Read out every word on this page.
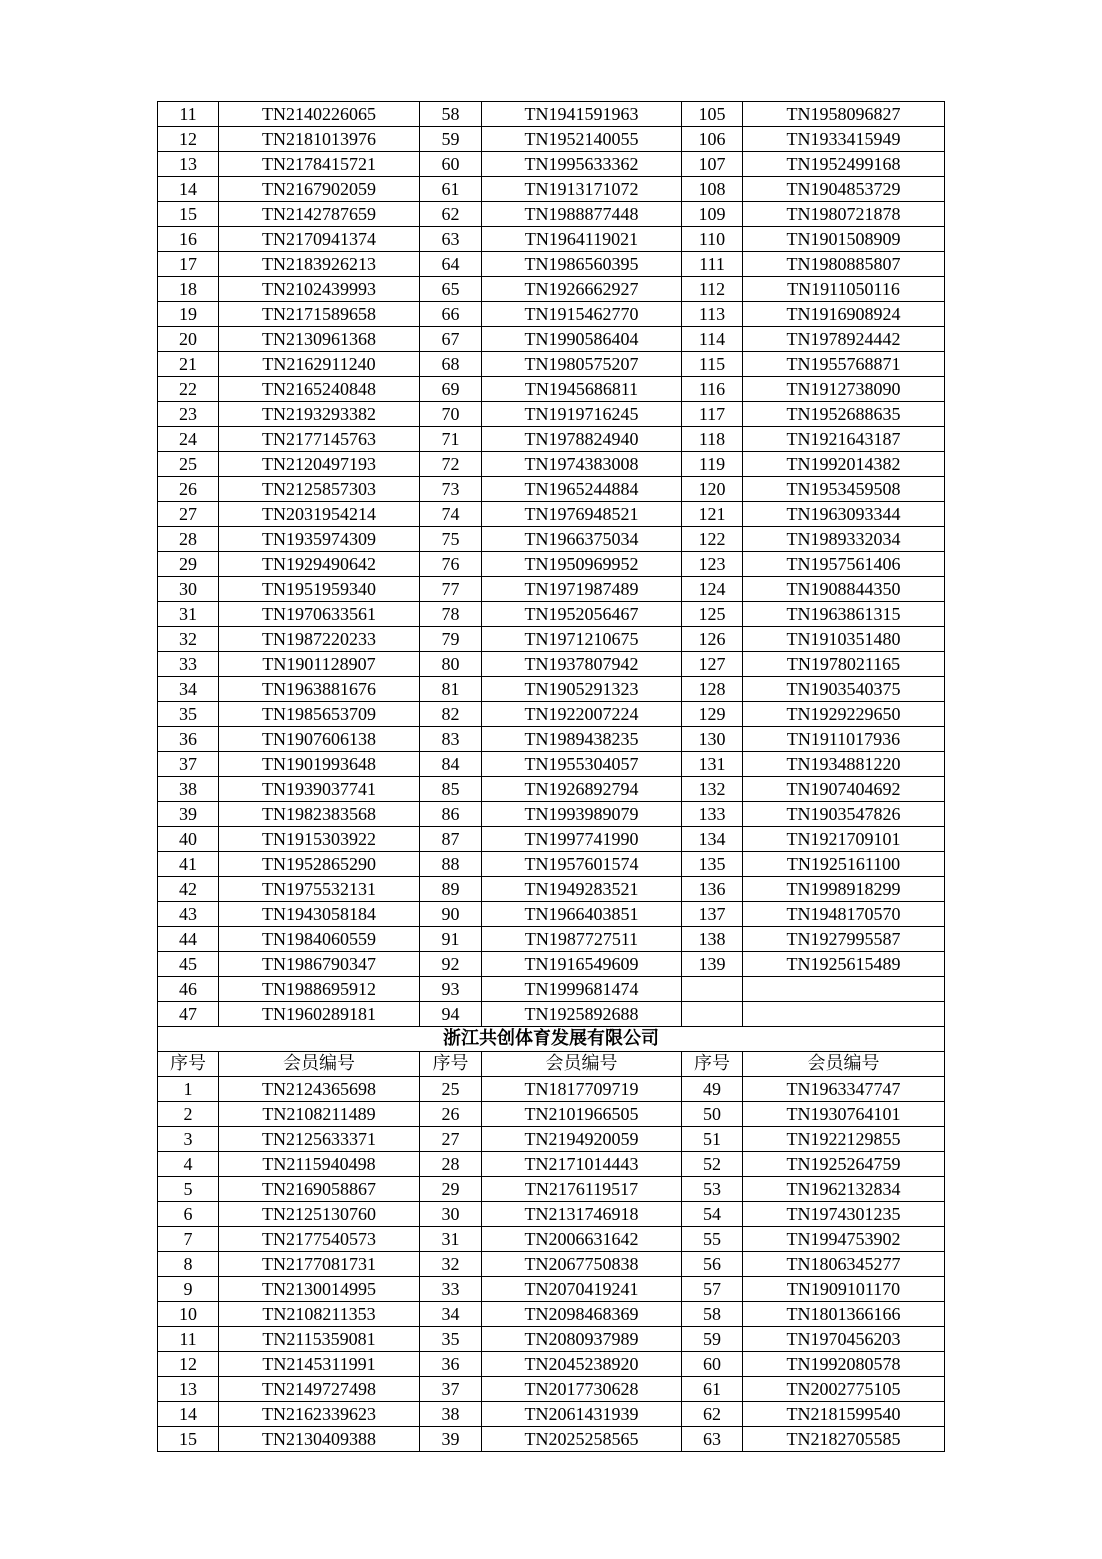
11	TN2140226065	58	TN1941591963	105	TN1958096827
12	TN2181013976	59	TN1952140055	106	TN1933415949
13	TN2178415721	60	TN1995633362	107	TN1952499168
14	TN2167902059	61	TN1913171072	108	TN1904853729
15	TN2142787659	62	TN1988877448	109	TN1980721878
16	TN2170941374	63	TN1964119021	110	TN1901508909
17	TN2183926213	64	TN1986560395	111	TN1980885807
18	TN2102439993	65	TN1926662927	112	TN1911050116
19	TN2171589658	66	TN1915462770	113	TN1916908924
20	TN2130961368	67	TN1990586404	114	TN1978924442
21	TN2162911240	68	TN1980575207	115	TN1955768871
22	TN2165240848	69	TN1945686811	116	TN1912738090
23	TN2193293382	70	TN1919716245	117	TN1952688635
24	TN2177145763	71	TN1978824940	118	TN1921643187
25	TN2120497193	72	TN1974383008	119	TN1992014382
26	TN2125857303	73	TN1965244884	120	TN1953459508
27	TN2031954214	74	TN1976948521	121	TN1963093344
28	TN1935974309	75	TN1966375034	122	TN1989332034
29	TN1929490642	76	TN1950969952	123	TN1957561406
30	TN1951959340	77	TN1971987489	124	TN1908844350
31	TN1970633561	78	TN1952056467	125	TN1963861315
32	TN1987220233	79	TN1971210675	126	TN1910351480
33	TN1901128907	80	TN1937807942	127	TN1978021165
34	TN1963881676	81	TN1905291323	128	TN1903540375
35	TN1985653709	82	TN1922007224	129	TN1929229650
36	TN1907606138	83	TN1989438235	130	TN1911017936
37	TN1901993648	84	TN1955304057	131	TN1934881220
38	TN1939037741	85	TN1926892794	132	TN1907404692
39	TN1982383568	86	TN1993989079	133	TN1903547826
40	TN1915303922	87	TN1997741990	134	TN1921709101
41	TN1952865290	88	TN1957601574	135	TN1925161100
42	TN1975532131	89	TN1949283521	136	TN1998918299
43	TN1943058184	90	TN1966403851	137	TN1948170570
44	TN1984060559	91	TN1987727511	138	TN1927995587
45	TN1986790347	92	TN1916549609	139	TN1925615489
46	TN1988695912	93	TN1999681474		
47	TN1960289181	94	TN1925892688		
浙江共创体育发展有限公司					
序号	会员编号	序号	会员编号	序号	会员编号
1	TN2124365698	25	TN1817709719	49	TN1963347747
2	TN2108211489	26	TN2101966505	50	TN1930764101
3	TN2125633371	27	TN2194920059	51	TN1922129855
4	TN2115940498	28	TN2171014443	52	TN1925264759
5	TN2169058867	29	TN2176119517	53	TN1962132834
6	TN2125130760	30	TN2131746918	54	TN1974301235
7	TN2177540573	31	TN2006631642	55	TN1994753902
8	TN2177081731	32	TN2067750838	56	TN1806345277
9	TN2130014995	33	TN2070419241	57	TN1909101170
10	TN2108211353	34	TN2098468369	58	TN1801366166
11	TN2115359081	35	TN2080937989	59	TN1970456203
12	TN2145311991	36	TN2045238920	60	TN1992080578
13	TN2149727498	37	TN2017730628	61	TN2002775105
14	TN2162339623	38	TN2061431939	62	TN2181599540
15	TN2130409388	39	TN2025258565	63	TN2182705585
